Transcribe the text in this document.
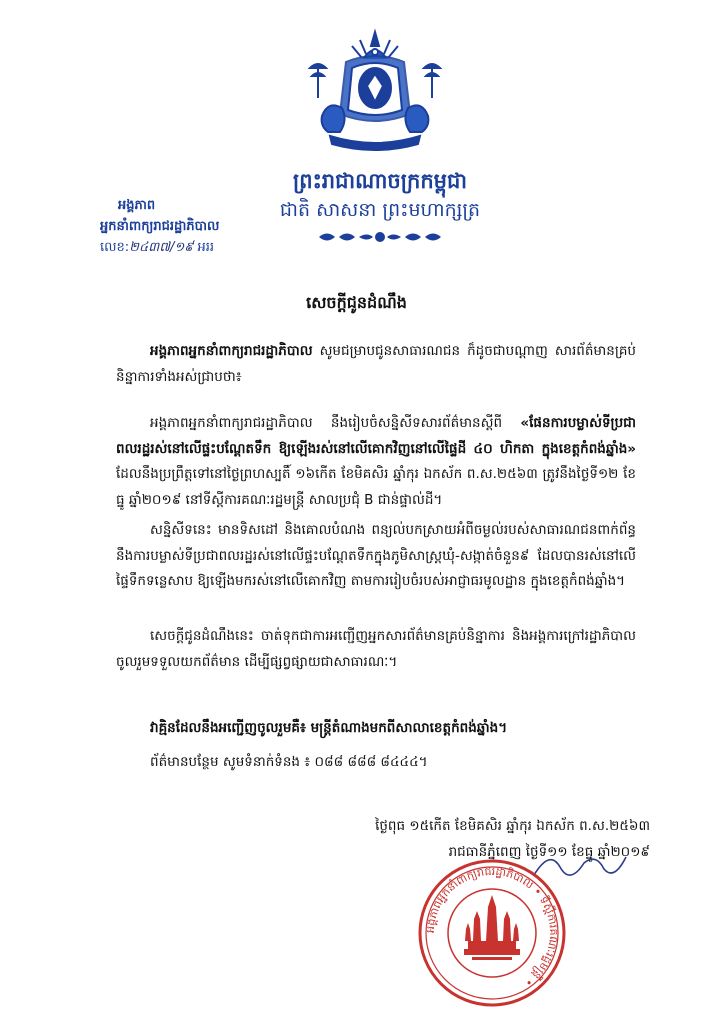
ព្រះរាជាណាចក្រកម្ពុជា
ជាតិ សាសនា ព្រះមហាក្សត្រ
អង្គភាព
អ្នកនាំពាក្យរាជរដ្ឋាភិបាល
លេខ:២៤៣៧/១៩ អររ
សេចក្តីជូនដំណឹង
អង្គភាពអ្នកនាំពាក្យរាជរដ្ឋាភិបាល សូមជម្រាបជូនសាធារណជន ក៏ដូចជាបណ្តាញ សារព័ត៌មានគ្រប់និន្នាការទាំងអស់ជ្រាបថា៖
អង្គភាពអ្នកនាំពាក្យរាជរដ្ឋាភិបាល នឹងរៀបចំសន្និសីទសារព័ត៌មានស្តីពី «ផែនការបម្លាស់ទីប្រជាពលរដ្ឋរស់នៅលើផ្ទះបណ្តែតទឹក ឱ្យឡើងរស់នៅលើគោកវិញនៅលើផ្ទៃដី ៤០ ហិកតា ក្នុងខេត្តកំពង់ឆ្នាំង» ដែលនឹងប្រព្រឹត្តទៅនៅថ្ងៃព្រហស្បតិ៍ ១៦កើត ខែមិគសិរ ឆ្នាំកុរ ឯកស័ក ព.ស.២៥៦៣ ត្រូវនឹងថ្ងៃទី១២ ខែធ្នូ ឆ្នាំ២០១៩ នៅទីស្តីការគណៈរដ្ឋមន្ត្រី សាលប្រជុំ B ជាន់ផ្ទាល់ដី។
សន្និសីទនេះ មានទិសដៅ និងគោលបំណង ពន្យល់បកស្រាយអំពីចម្ងល់របស់សាធារណជនពាក់ព័ន្ធនឹងការបម្លាស់ទីប្រជាពលរដ្ឋរស់នៅលើផ្ទះបណ្តែតទឹកក្នុងភូមិសាស្ត្រឃុំ-សង្កាត់ចំនួន៩ ដែលបានរស់នៅលើផ្ទៃទឹកទន្លេសាប ឱ្យឡើងមករស់នៅលើគោកវិញ តាមការរៀបចំរបស់អាជ្ញាធរមូលដ្ឋាន ក្នុងខេត្តកំពង់ឆ្នាំង។
សេចក្តីជូនដំណឹងនេះ ចាត់ទុកជាការអញ្ជើញអ្នកសារព័ត៌មានគ្រប់និន្នាការ និងអង្គការក្រៅរដ្ឋាភិបាល ចូលរួមទទួលយកព័ត៌មាន ដើម្បីផ្សព្វផ្សាយជាសាធារណៈ។
វាគ្មិនដែលនឹងអញ្ជើញចូលរួមគឺ៖ មន្ត្រីតំណាងមកពីសាលាខេត្តកំពង់ឆ្នាំង។
ព័ត៌មានបន្ថែម សូមទំនាក់ទំនង ៖ ០៨៨ ៨៨៨ ៨៤៤៤។
ថ្ងៃពុធ ១៥កើត ខែមិគសិរ ឆ្នាំកុរ ឯកស័ក ព.ស.២៥៦៣
រាជធានីភ្នំពេញ ថ្ងៃទី១១ ខែធ្នូ ឆ្នាំ២០១៩
អង្គភាពអ្នកនាំពាក្យរាជរដ្ឋាភិបាល • ទីស្តីការគណៈរដ្ឋមន្ត្រី •
